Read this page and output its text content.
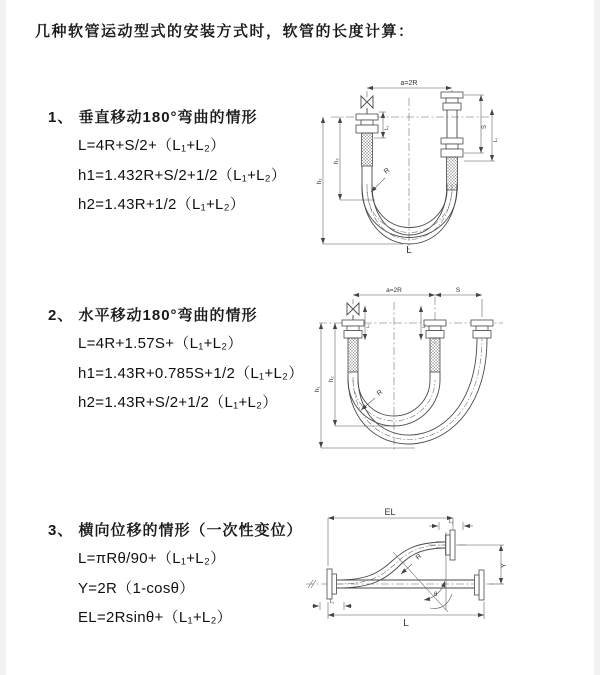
几种软管运动型式的安装方式时，软管的长度计算：
1、 垂直移动180°弯曲的情形
L=4R+S/2+（L₁+L₂）
h1=1.432R+S/2+1/2（L₁+L₂）
h2=1.43R+1/2（L₁+L₂）
2、 水平移动180°弯曲的情形
L=4R+1.57S+（L₁+L₂）
h1=1.43R+0.785S+1/2（L₁+L₂）
h2=1.43R+S/2+1/2（L₁+L₂）
3、 横向位移的情形（一次性变位）
L=πRθ/90+（L₁+L₂）
Y=2R（1-cosθ）
EL=2Rsinθ+（L₁+L₂）
a=2R
h₁
h₂
L₁	S
L₁
R
L
a=2R	S
h₁
h₂
L₁	L₁
R
EL
L₁
R
θ
Y
L
L₁
